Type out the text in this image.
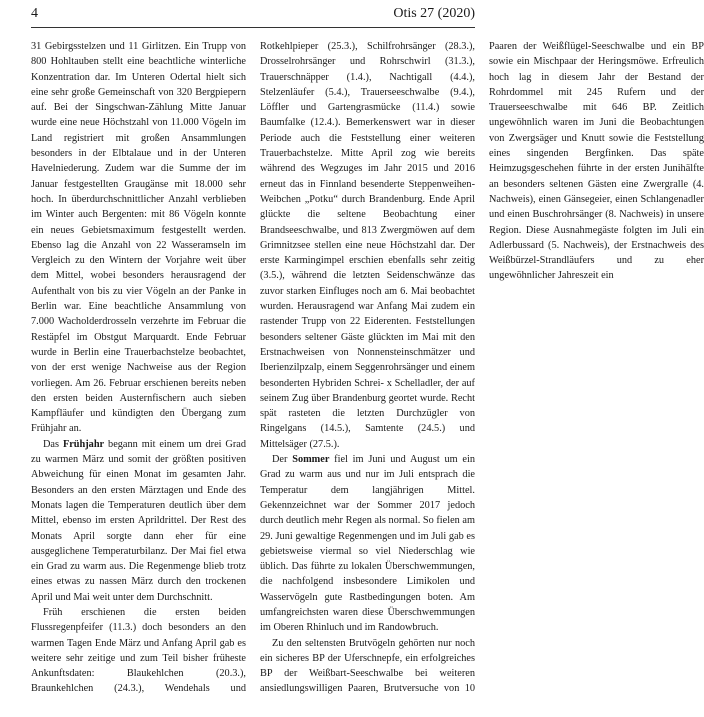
4	Otis 27 (2020)

31 Gebirgsstelzen und 11 Girlitzen. Ein Trupp von 800 Hohltauben stellt eine beachtliche winterliche Konzentration dar. Im Unteren Odertal hielt sich eine sehr große Gemeinschaft von 320 Bergpiepern auf. Bei der Singschwan-Zählung Mitte Januar wurde eine neue Höchstzahl von 11.000 Vögeln im Land registriert mit großen Ansammlungen besonders in der Elbtalaue und in der Unteren Havelniederung. Zudem war die Summe der im Januar festgestellten Graugänse mit 18.000 sehr hoch. In überdurchschnittlicher Anzahl verblieben im Winter auch Bergenten: mit 86 Vögeln konnte ein neues Gebietsmaximum festgestellt werden. Ebenso lag die Anzahl von 22 Wasseramseln im Vergleich zu den Wintern der Vorjahre weit über dem Mittel, wobei besonders herausragend der Aufenthalt von bis zu vier Vögeln an der Panke in Berlin war. Eine beachtliche Ansammlung von 7.000 Wacholderdrosseln verzehrte im Februar die Restäpfel im Obstgut Marquardt. Ende Februar wurde in Berlin eine Trauerbachstelze beobachtet, von der erst wenige Nachweise aus der Region vorliegen. Am 26. Februar erschienen bereits neben den ersten beiden Austernfischern auch sieben Kampfläufer und kündigten den Übergang zum Frühjahr an.

Das Frühjahr begann mit einem um drei Grad zu warmen März und somit der größten positiven Abweichung für einen Monat im gesamten Jahr. Besonders an den ersten Märztagen und Ende des Monats lagen die Temperaturen deutlich über dem Mittel, ebenso im ersten Aprildrittel. Der Rest des Monats April sorgte dann eher für eine ausgeglichene Temperaturbilanz. Der Mai fiel etwa ein Grad zu warm aus. Die Regenmenge blieb trotz eines etwas zu nassen März durch den trockenen April und Mai weit unter dem Durchschnitt.

Früh erschienen die ersten beiden Flussregenpfeifer (11.3.) doch besonders an den warmen Tagen Ende März und Anfang April gab es weitere sehr zeitige und zum Teil bisher früheste Ankunftsdaten: Blaukehlchen (20.3.), Braunkehlchen (24.3.), Wendehals und Rotkehlpieper (25.3.), Schilfrohrsänger (28.3.), Drosselrohrsänger und Rohrschwirl (31.3.), Trauerschnäpper (1.4.), Nachtigall (4.4.), Stelzenläufer (5.4.), Trauerseeschwalbe (9.4.), Löffler und Gartengrasmücke (11.4.) sowie Baumfalke (12.4.). Bemerkenswert war in dieser Periode auch die Feststellung einer weiteren Trauerbachstelze. Mitte April zog wie bereits während des Wegzuges im Jahr 2015 und 2016 erneut das in Finnland besenderte Steppenweihen-Weibchen „Potku“ durch Brandenburg. Ende April glückte die seltene Beobachtung einer Brandseeschwalbe, und 813 Zwergmöwen auf dem Grimnitzsee stellen eine neue Höchstzahl dar. Der erste Karmingimpel erschien ebenfalls sehr zeitig (3.5.), während die letzten Seidenschwänze das zuvor starken Einfluges noch am 6. Mai beobachtet wurden. Herausragend war Anfang Mai zudem ein rastender Trupp von 22 Eiderenten. Feststellungen besonders seltener Gäste glückten im Mai mit den Erstnachweisen von Nonnensteinschmätzer und Iberienzilpzalp, einem Seggenrohrsänger und einem besonderten Hybriden Schrei- x Schelladler, der auf seinem Zug über Brandenburg geortet wurde. Recht spät rasteten die letzten Durchzügler von Ringelgans (14.5.), Samtente (24.5.) und Mittelsäger (27.5.).

Der Sommer fiel im Juni und August um ein Grad zu warm aus und nur im Juli entsprach die Temperatur dem langjährigen Mittel. Gekennzeichnet war der Sommer 2017 jedoch durch deutlich mehr Regen als normal. So fielen am 29. Juni gewaltige Regenmengen und im Juli gab es gebietsweise viermal so viel Niederschlag wie üblich. Das führte zu lokalen Überschwemmungen, die nachfolgend insbesondere Limikolen und Wasservögeln gute Rastbedingungen boten. Am umfangreichsten waren diese Überschwemmungen im Oberen Rhinluch und im Randowbruch.

Zu den seltensten Brutvögeln gehörten nur noch ein sicheres BP der Uferschnepfe, ein erfolgreiches BP der Weißbart-Seeschwalbe bei weiteren ansiedlungswilligen Paaren, Brutversuche von 10 Paaren der Weißflügel-Seeschwalbe und ein BP sowie ein Mischpaar der Heringsmöwe. Erfreulich hoch lag in diesem Jahr der Bestand der Rohrdommel mit 245 Rufern und der Trauerseeschwalbe mit 646 BP. Zeitlich ungewöhnlich waren im Juni die Beobachtungen von Zwergsäger und Knutt sowie die Feststellung eines singenden Bergfinken. Das späte Heimzugsgeschehen führte in der ersten Junihälfte an besonders seltenen Gästen eine Zwergralle (4. Nachweis), einen Gänsegeier, einen Schlangenadler und einen Buschrohrsänger (8. Nachweis) in unsere Region. Diese Ausnahmegäste folgten im Juli ein Adlerbussard (5. Nachweis), der Erstnachweis des Weißbürzel-Strandläufers und zu eher ungewöhnlicher Jahreszeit ein
